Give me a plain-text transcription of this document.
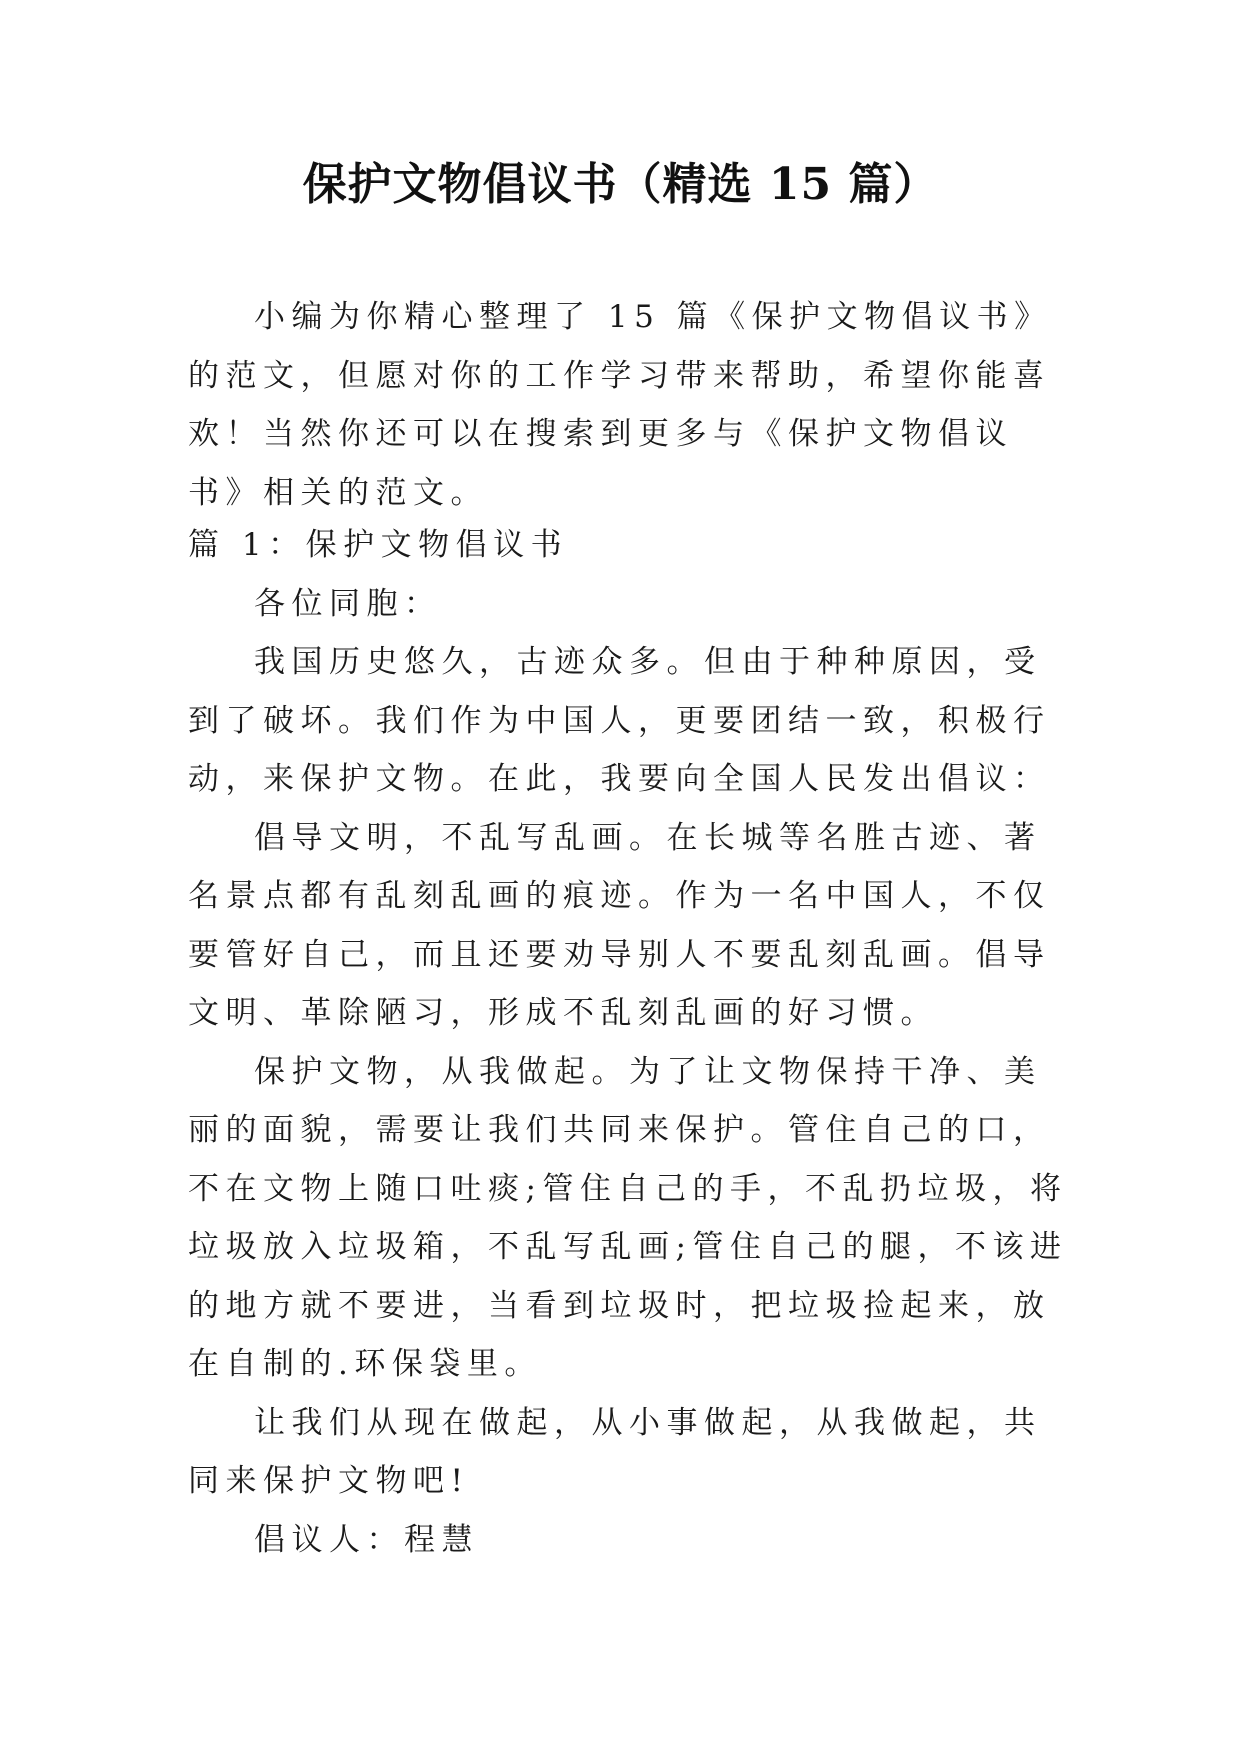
保护文物倡议书（精选 15 篇）

小编为你精心整理了 15 篇《保护文物倡议书》的范文，但愿对你的工作学习带来帮助，希望你能喜欢！当然你还可以在搜索到更多与《保护文物倡议书》相关的范文。

篇 1：保护文物倡议书

各位同胞：

我国历史悠久，古迹众多。但由于种种原因，受到了破坏。我们作为中国人，更要团结一致，积极行动，来保护文物。在此，我要向全国人民发出倡议：

倡导文明，不乱写乱画。在长城等名胜古迹、著名景点都有乱刻乱画的痕迹。作为一名中国人，不仅要管好自己，而且还要劝导别人不要乱刻乱画。倡导文明、革除陋习，形成不乱刻乱画的好习惯。

保护文物，从我做起。为了让文物保持干净、美丽的面貌，需要让我们共同来保护。管住自己的口，不在文物上随口吐痰;管住自己的手，不乱扔垃圾，将垃圾放入垃圾箱，不乱写乱画;管住自己的腿，不该进的地方就不要进，当看到垃圾时，把垃圾捡起来，放在自制的.环保袋里。

让我们从现在做起，从小事做起，从我做起，共同来保护文物吧!

倡议人：程慧
